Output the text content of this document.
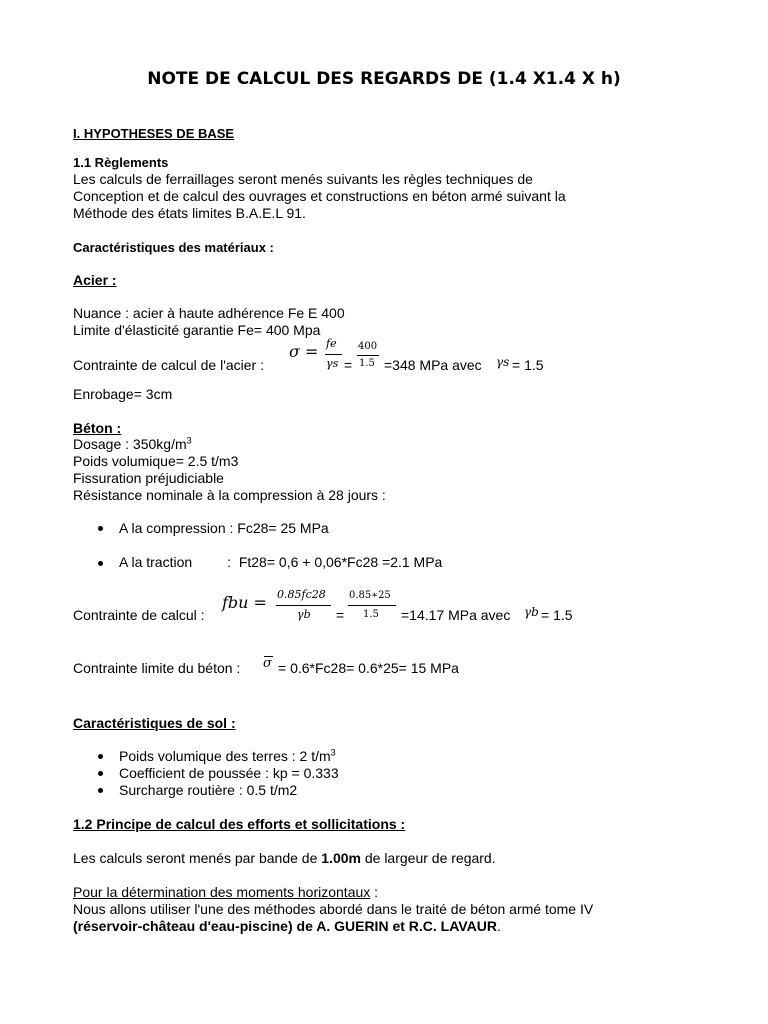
NOTE DE CALCUL DES REGARDS DE (1.4 X1.4 X h)
I. HYPOTHESES DE BASE
1.1 Règlements
Les calculs de ferraillages seront menés suivants les règles techniques de
Conception et de calcul des ouvrages et constructions en béton armé suivant la
Méthode des états limites B.A.E.L 91.
Caractéristiques des matériaux :
Acier :
Nuance : acier à haute adhérence Fe E 400
Limite d'élasticité garantie Fe= 400 Mpa
Contrainte de calcul de l'acier :
σ = fe
γs =
400
1.5 =348 MPa avec γs = 1.5
Enrobage= 3cm
Béton :
Dosage : $350kg/m^3$
Poids volumique= 2.5 t/m3
Fissuration préjudiciable
Résistance nominale à la compression à 28 jours :
A la compression : Fc28= 25 MPa
A la traction         :  Ft28= 0,6 + 0,06*Fc28 =2.1 MPa
Contrainte de calcul :
fbu = 0.85fc28
γb =
0.85∗25
1.5 =14.17 MPa avec γb = 1.5
Contrainte limite du béton : σ = 0.6*Fc28= 0.6*25= 15 MPa
Caractéristiques de sol :
Poids volumique des terres : 2 $t/m^3$
Coefficient de poussée : kp = 0.333
Surcharge routière : 0.5 t/m2
1.2 Principe de calcul des efforts et sollicitations :
Les calculs seront menés par bande de 1.00m de largeur de regard.
Pour la détermination des moments horizontaux :
Nous allons utiliser l'une des méthodes abordé dans le traité de béton armé tome IV
(réservoir-château d'eau-piscine) de A. GUERIN et R.C. LAVAUR.
